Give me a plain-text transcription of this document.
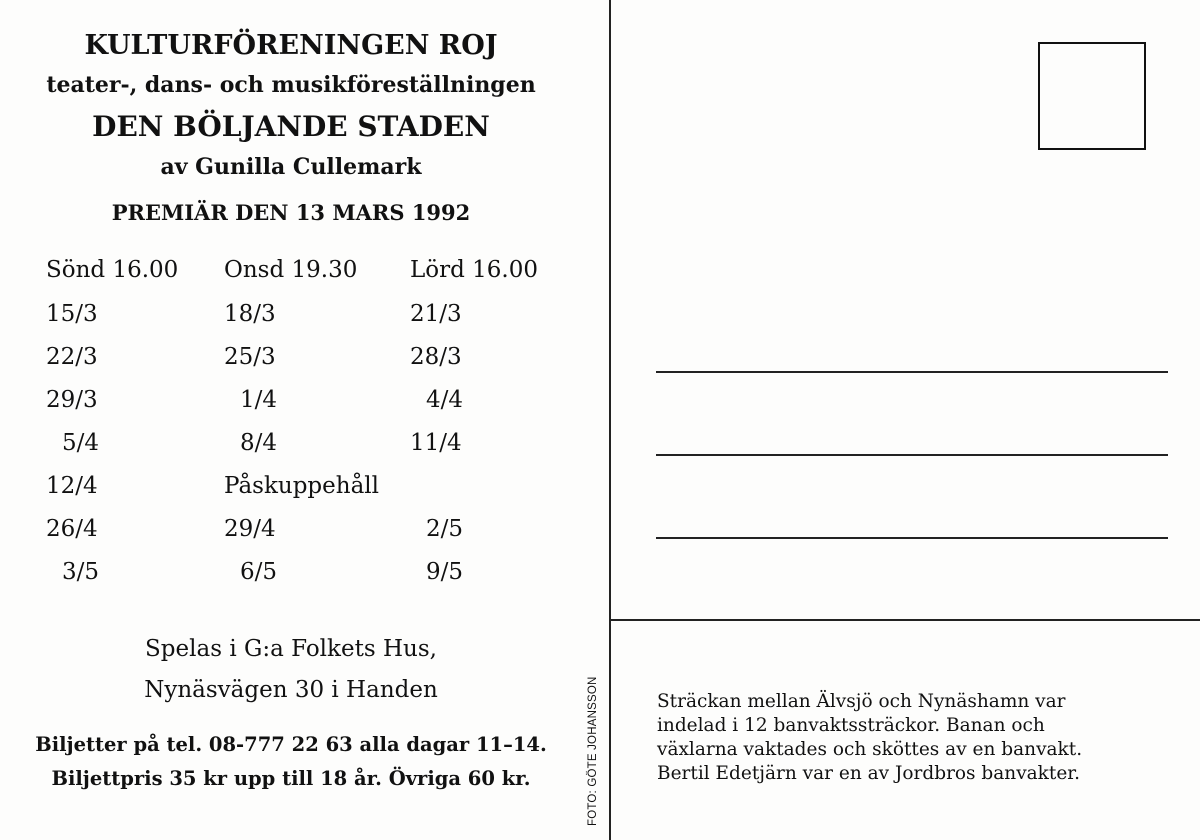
KULTURFÖRENINGEN ROJ
teater-, dans- och musikföreställningen
DEN BÖLJANDE STADEN
av Gunilla Cullemark
PREMIÄR DEN 13 MARS 1992
Sönd 16.00	Onsd 19.30 Lörd 16.00
15/3	18/3	21/3
22/3	25/3	28/3
29/3	1/4	4/4
5/4	8/4	11/4
12/4	Påskuppehåll
26/4	29/4	2/5
3/5	6/5	9/5
Spelas i G:a Folkets Hus,
Nynäsvägen 30 i Handen
Biljetter på tel. 08-777 22 63 alla dagar 11–14.
Biljettpris 35 kr upp till 18 år. Övriga 60 kr.	FOTO: GÖTE JOHANSSON	Sträckan mellan Älvsjö och Nynäshamn var
indelad i 12 banvaktssträckor. Banan och
växlarna vaktades och sköttes av en banvakt.
Bertil Edetjärn var en av Jordbros banvakter.
